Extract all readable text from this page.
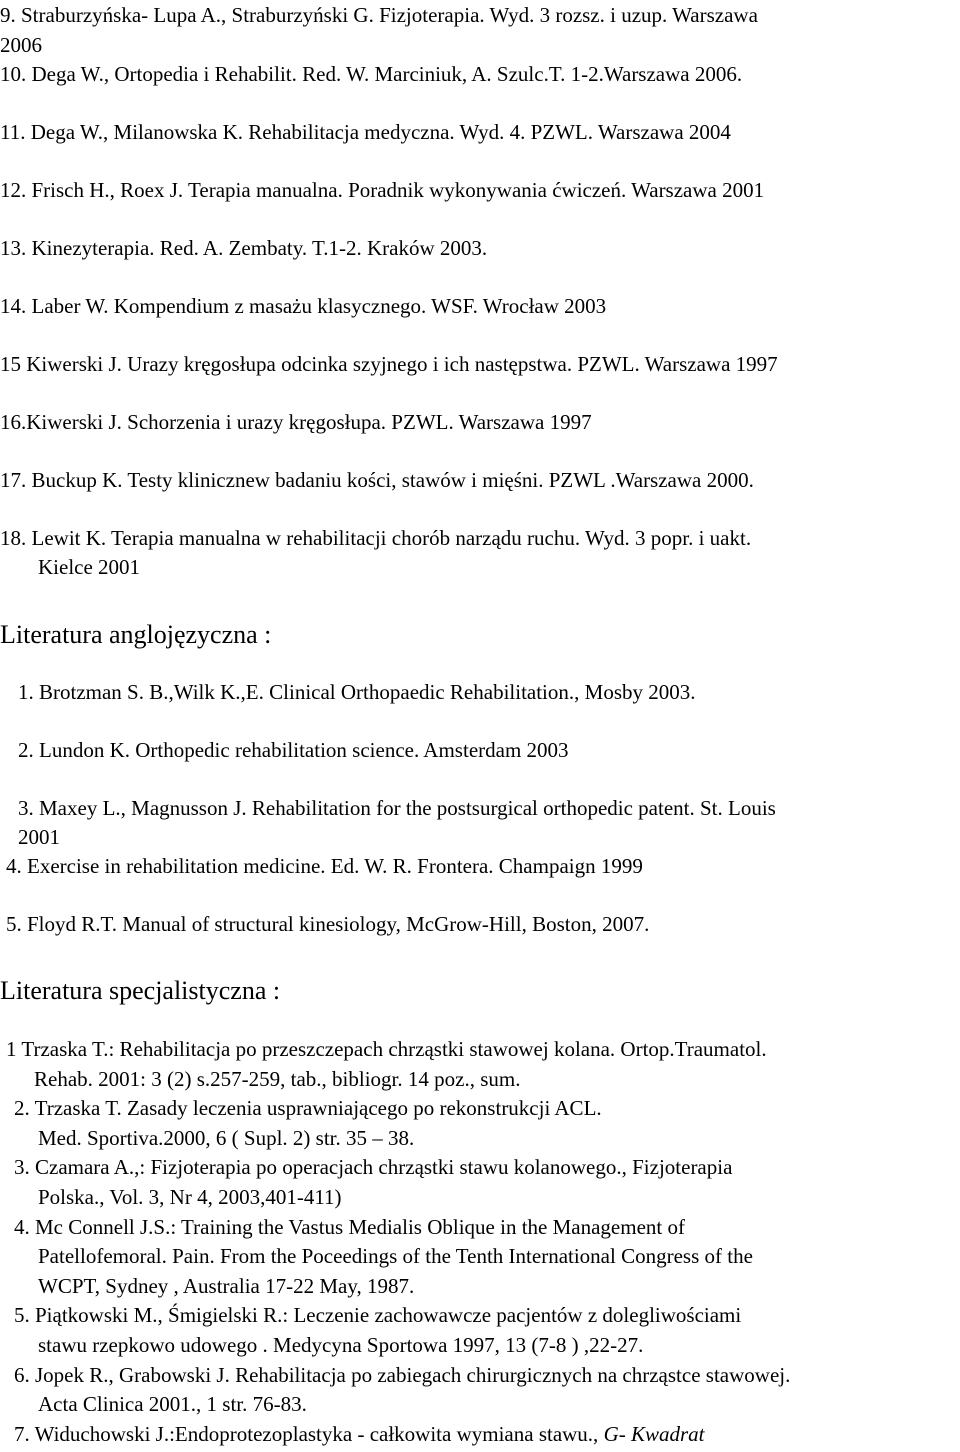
9. Straburzyńska- Lupa A., Straburzyński G. Fizjoterapia. Wyd. 3 rozsz. i uzup. Warszawa
2006
10. Dega W., Ortopedia i Rehabilit. Red. W. Marciniuk, A. Szulc.T. 1-2.Warszawa 2006.
11. Dega W., Milanowska K. Rehabilitacja medyczna. Wyd. 4. PZWL. Warszawa 2004
12. Frisch H., Roex J. Terapia manualna. Poradnik wykonywania ćwiczeń. Warszawa 2001
13. Kinezyterapia. Red. A. Zembaty. T.1-2. Kraków 2003.
14. Laber W. Kompendium z masażu klasycznego. WSF. Wrocław 2003
15 Kiwerski J. Urazy kręgosłupa odcinka szyjnego i ich następstwa. PZWL. Warszawa 1997
16.Kiwerski J. Schorzenia i urazy kręgosłupa. PZWL. Warszawa 1997
17. Buckup K. Testy klinicznew badaniu kości, stawów i mięśni. PZWL .Warszawa 2000.
18. Lewit K. Terapia manualna w rehabilitacji chorób narządu ruchu. Wyd. 3 popr. i uakt.
Kielce 2001
Literatura anglojęzyczna :
1. Brotzman S. B.,Wilk K.,E. Clinical Orthopaedic Rehabilitation., Mosby 2003.
2. Lundon K. Orthopedic rehabilitation science. Amsterdam 2003
3. Maxey L., Magnusson J. Rehabilitation for the postsurgical orthopedic patent. St. Louis
2001
4. Exercise in rehabilitation medicine. Ed. W. R. Frontera. Champaign 1999
5. Floyd R.T. Manual of structural kinesiology, McGrow-Hill, Boston, 2007.
Literatura specjalistyczna :
1 Trzaska T.: Rehabilitacja po przeszczepach chrząstki stawowej kolana. Ortop.Traumatol.
Rehab. 2001: 3 (2) s.257-259, tab., bibliogr. 14 poz., sum.
2. Trzaska T. Zasady leczenia usprawniającego po rekonstrukcji ACL.
Med. Sportiva.2000, 6 ( Supl. 2) str. 35 – 38.
3. Czamara A.,: Fizjoterapia po operacjach chrząstki stawu kolanowego., Fizjoterapia
Polska., Vol. 3, Nr 4, 2003,401-411)
4. Mc Connell J.S.: Training the Vastus Medialis Oblique in the Management of
Patellofemoral. Pain. From the Poceedings of the Tenth International Congress of the
WCPT, Sydney , Australia 17-22 May, 1987.
5. Piątkowski M., Śmigielski R.: Leczenie zachowawcze pacjentów z dolegliwościami
stawu rzepkowo udowego . Medycyna Sportowa 1997, 13 (7-8 ) ,22-27.
6. Jopek R., Grabowski J. Rehabilitacja po zabiegach chirurgicznych na chrząstce stawowej.
Acta Clinica 2001., 1 str. 76-83.
7. Widuchowski J.:Endoprotezoplastyka - całkowita wymiana stawu., G- Kwadrat
